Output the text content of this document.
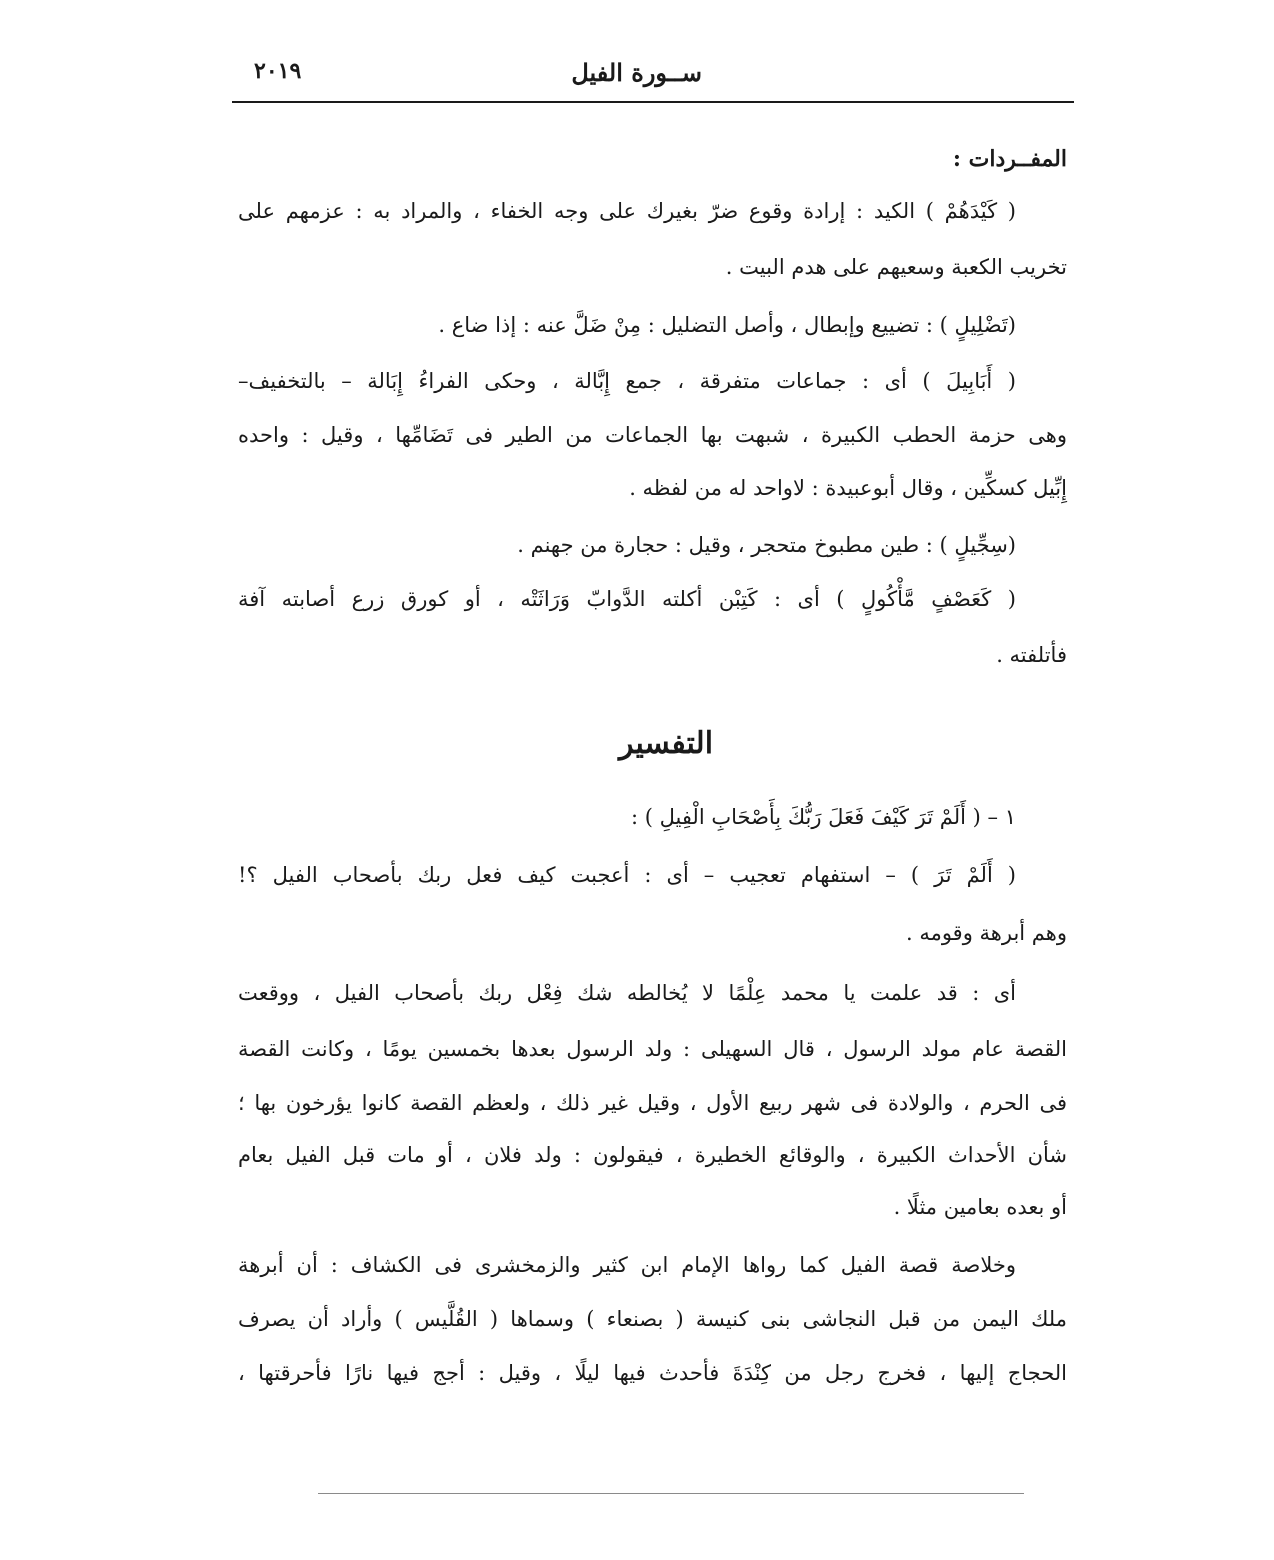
ســورة الفيل
٢٠١٩
المفــردات :
( كَيْدَهُمْ ) الكيد : إرادة وقوع ضرّ بغيرك على وجه الخفاء ، والمراد به : عزمهم على
تخريب الكعبة وسعيهم على هدم البيت .
(تَضْلِيلٍ ) : تضييع وإبطال ، وأصل التضليل : مِنْ ضَلَّ عنه : إذا ضاع .
( أَبَابِيلَ ) أى : جماعات متفرقة ، جمع إِبَّالة ، وحكى الفراءُ إِبَالة – بالتخفيف–
وهى حزمة الحطب الكبيرة ، شبهت بها الجماعات من الطير فى تَضَامِّها ، وقيل : واحده
إِبِّيل كسكِّين ، وقال أبوعبيدة : لاواحد له من لفظه .
(سِجِّيلٍ ) : طين مطبوخ متحجر ، وقيل : حجارة من جهنم .
( كَعَصْفٍ مَّأْكُولٍ ) أى : كَتِبْن أكلته الدَّوابّ وَرَاثَتْه ، أو كورق زرع أصابته آفة
فأتلفته .
التفسير
١ – ( أَلَمْ تَرَ كَيْفَ فَعَلَ رَبُّكَ بِأَصْحَابِ الْفِيلِ ) :
( أَلَمْ تَرَ ) – استفهام تعجيب – أى : أعجبت كيف فعل ربك بأصحاب الفيل ؟!
وهم أبرهة وقومه .
أى : قد علمت يا محمد عِلْمًا لا يُخالطه شك فِعْل ربك بأصحاب الفيل ، ووقعت
القصة عام مولد الرسول ، قال السهيلى : ولد الرسول بعدها بخمسين يومًا ، وكانت القصة
فى الحرم ، والولادة فى شهر ربيع الأول ، وقيل غير ذلك ، ولعظم القصة كانوا يؤرخون بها ؛
شأن الأحداث الكبيرة ، والوقائع الخطيرة ، فيقولون : ولد فلان ، أو مات قبل الفيل بعام
أو بعده بعامين مثلًا .
وخلاصة قصة الفيل كما رواها الإمام ابن كثير والزمخشرى فى الكشاف : أن أبرهة
ملك اليمن من قبل النجاشى بنى كنيسة ( بصنعاء ) وسماها ( القُلَّيس ) وأراد أن يصرف
الحجاج إليها ، فخرج رجل من كِنْدَةَ فأحدث فيها ليلًا ، وقيل : أجج فيها نارًا فأحرقتها ،
